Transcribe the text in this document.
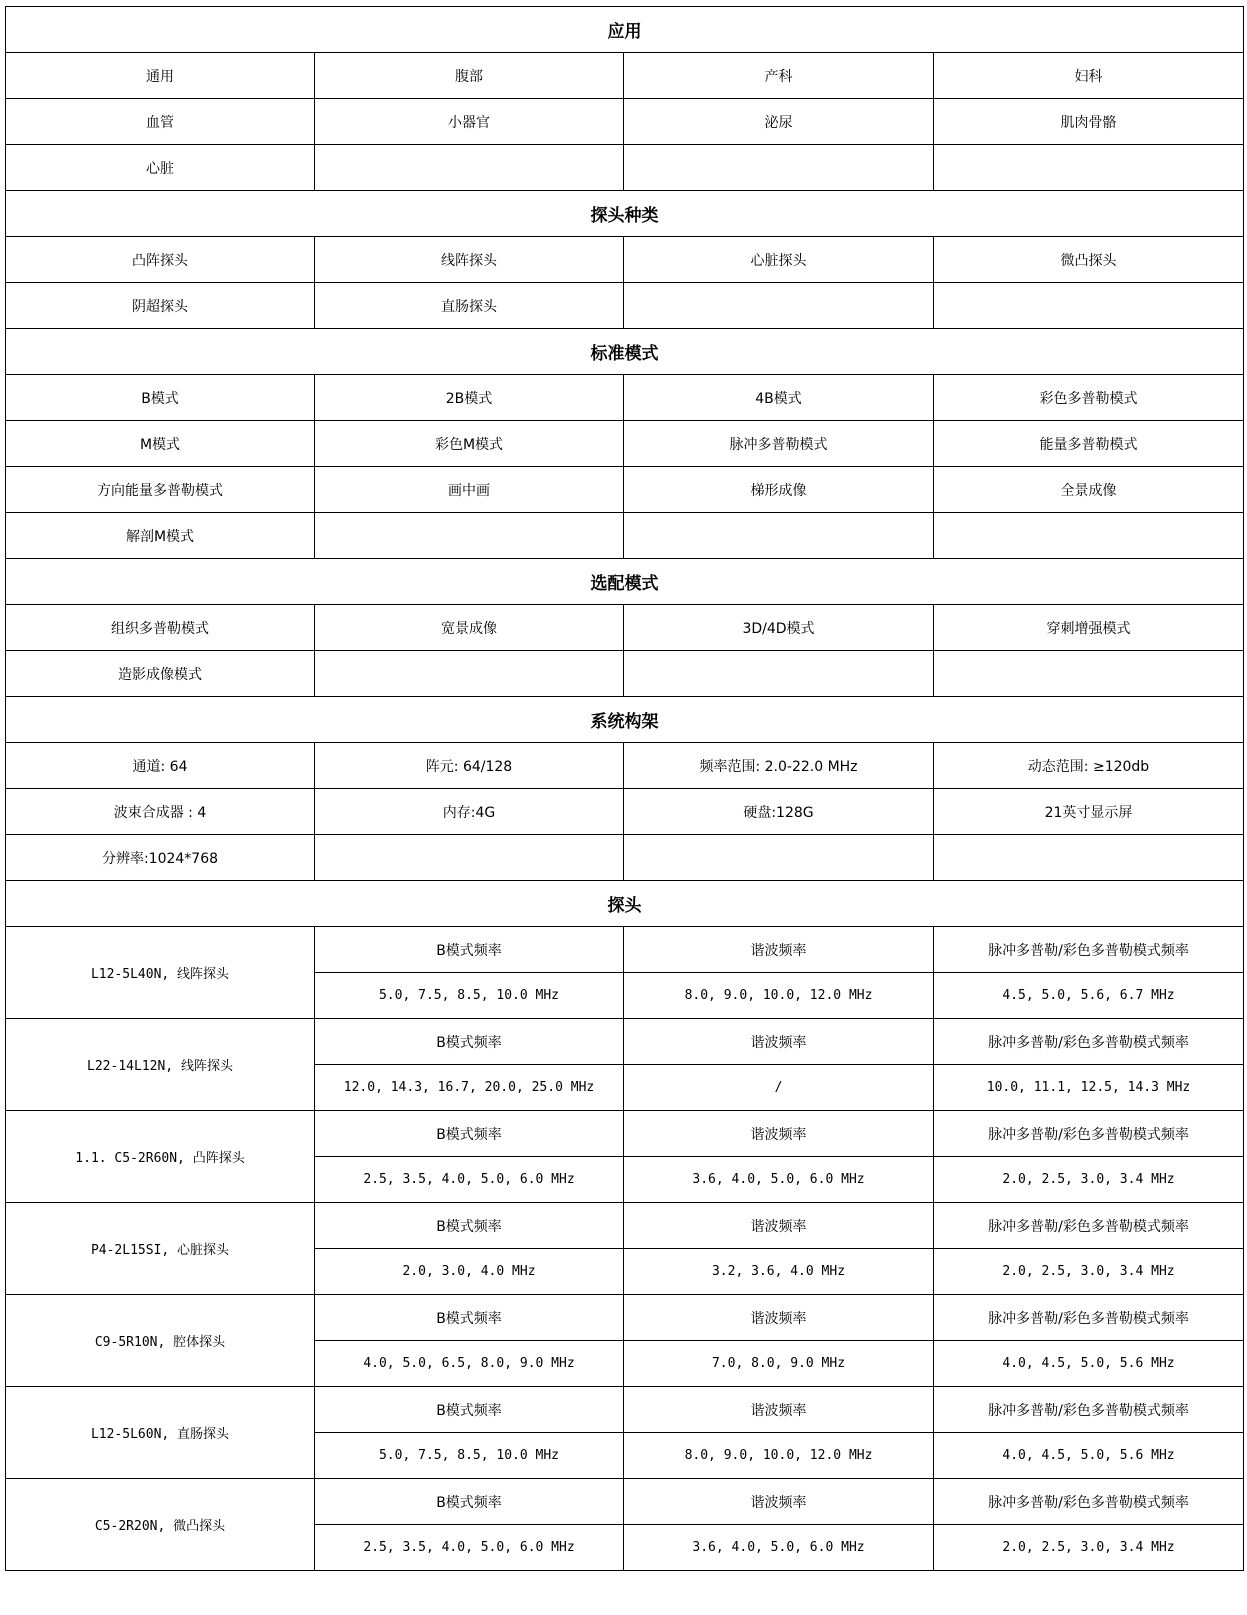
应用			
通用	腹部	产科	妇科
血管	小器官	泌尿	肌肉骨骼
心脏			
探头种类			
凸阵探头	线阵探头	心脏探头	微凸探头
阴超探头	直肠探头		
标准模式			
B模式	2B模式	4B模式	彩色多普勒模式
M模式	彩色M模式	脉冲多普勒模式	能量多普勒模式
方向能量多普勒模式	画中画	梯形成像	全景成像
解剖M模式			
选配模式			
组织多普勒模式	宽景成像	3D/4D模式	穿刺增强模式
造影成像模式			
系统构架			
通道: 64	阵元: 64/128	频率范围: 2.0-22.0 MHz	动态范围: ≥120db
波束合成器 : 4	内存:4G	硬盘:128G	21英寸显示屏
分辨率:1024*768			
探头			
L12-5L40N, 线阵探头	B模式频率	谐波频率	脉冲多普勒/彩色多普勒模式频率
	5.0, 7.5, 8.5, 10.0 MHz	8.0, 9.0, 10.0, 12.0 MHz	4.5, 5.0, 5.6, 6.7 MHz
L22-14L12N, 线阵探头	B模式频率	谐波频率	脉冲多普勒/彩色多普勒模式频率
	12.0, 14.3, 16.7, 20.0, 25.0 MHz	/	10.0, 11.1, 12.5, 14.3 MHz
1.1. C5-2R60N, 凸阵探头	B模式频率	谐波频率	脉冲多普勒/彩色多普勒模式频率
	2.5, 3.5, 4.0, 5.0, 6.0 MHz	3.6, 4.0, 5.0, 6.0 MHz	2.0, 2.5, 3.0, 3.4 MHz
P4-2L15SI, 心脏探头	B模式频率	谐波频率	脉冲多普勒/彩色多普勒模式频率
	2.0, 3.0, 4.0 MHz	3.2, 3.6, 4.0 MHz	2.0, 2.5, 3.0, 3.4 MHz
C9-5R10N, 腔体探头	B模式频率	谐波频率	脉冲多普勒/彩色多普勒模式频率
	4.0, 5.0, 6.5, 8.0, 9.0 MHz	7.0, 8.0, 9.0 MHz	4.0, 4.5, 5.0, 5.6 MHz
L12-5L60N, 直肠探头	B模式频率	谐波频率	脉冲多普勒/彩色多普勒模式频率
	5.0, 7.5, 8.5, 10.0 MHz	8.0, 9.0, 10.0, 12.0 MHz	4.0, 4.5, 5.0, 5.6 MHz
C5-2R20N, 微凸探头	B模式频率	谐波频率	脉冲多普勒/彩色多普勒模式频率
	2.5, 3.5, 4.0, 5.0, 6.0 MHz	3.6, 4.0, 5.0, 6.0 MHz	2.0, 2.5, 3.0, 3.4 MHz
